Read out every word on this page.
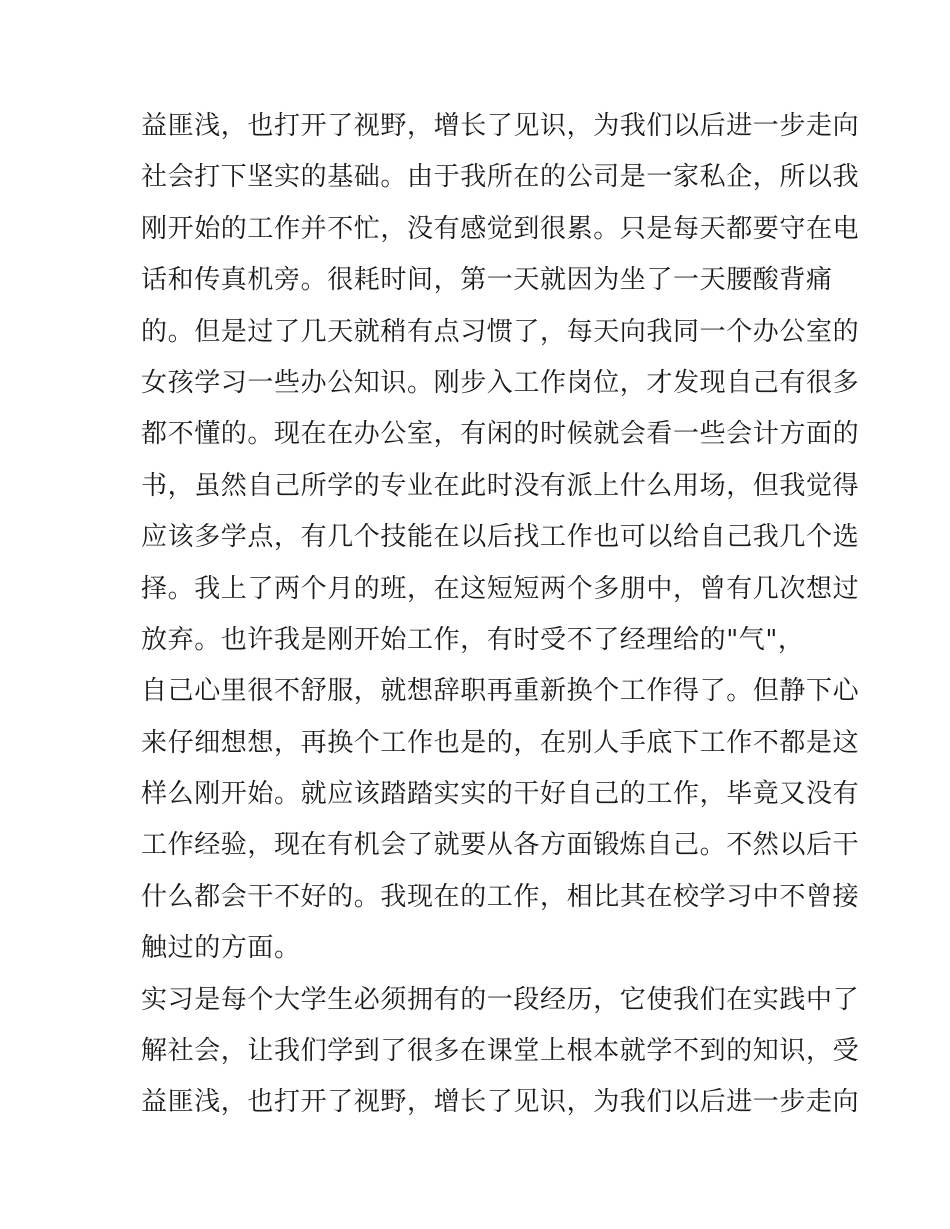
益匪浅，也打开了视野，增长了见识，为我们以后进一步走向
社会打下坚实的基础。由于我所在的公司是一家私企，所以我
刚开始的工作并不忙，没有感觉到很累。只是每天都要守在电
话和传真机旁。很耗时间，第一天就因为坐了一天腰酸背痛
的。但是过了几天就稍有点习惯了，每天向我同一个办公室的
女孩学习一些办公知识。刚步入工作岗位，才发现自己有很多
都不懂的。现在在办公室，有闲的时候就会看一些会计方面的
书，虽然自己所学的专业在此时没有派上什么用场，但我觉得
应该多学点，有几个技能在以后找工作也可以给自己我几个选
择。我上了两个月的班，在这短短两个多朋中，曾有几次想过
放弃。也许我是刚开始工作，有时受不了经理给的"气"，
自己心里很不舒服，就想辞职再重新换个工作得了。但静下心
来仔细想想，再换个工作也是的，在别人手底下工作不都是这
样么刚开始。就应该踏踏实实的干好自己的工作，毕竟又没有
工作经验，现在有机会了就要从各方面锻炼自己。不然以后干
什么都会干不好的。我现在的工作，相比其在校学习中不曾接
触过的方面。
实习是每个大学生必须拥有的一段经历，它使我们在实践中了
解社会，让我们学到了很多在课堂上根本就学不到的知识，受
益匪浅，也打开了视野，增长了见识，为我们以后进一步走向
